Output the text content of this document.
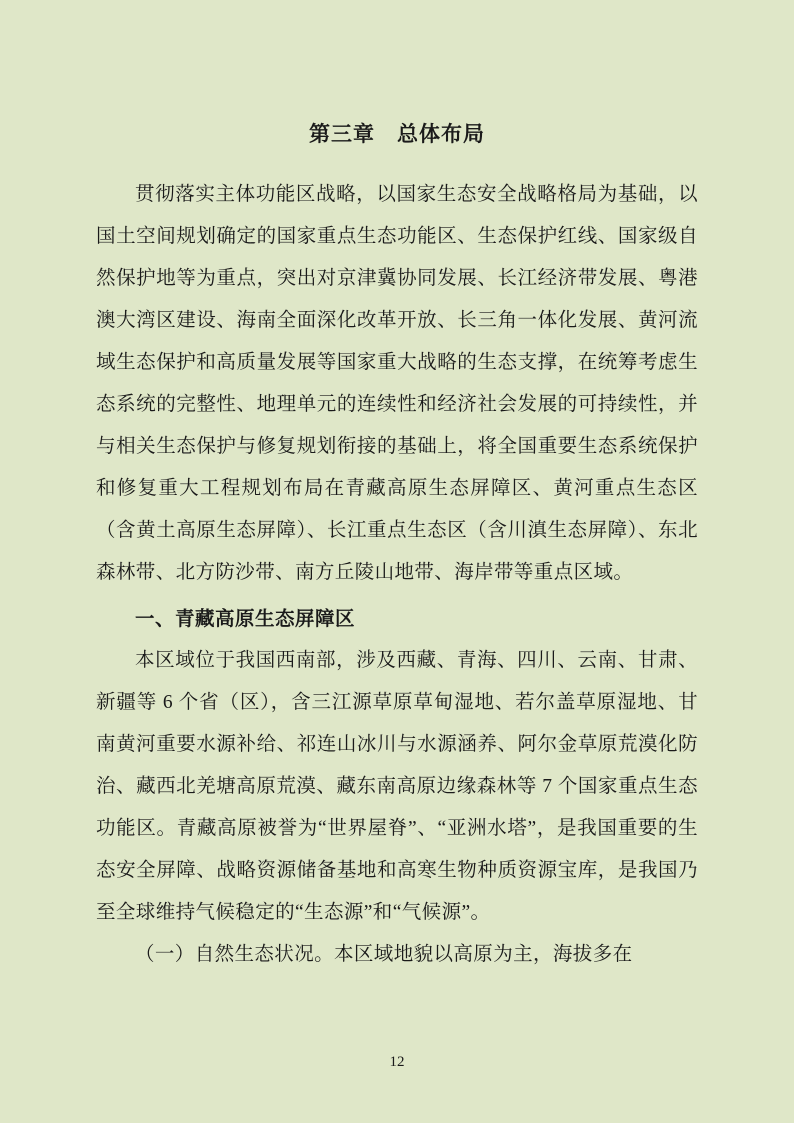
第三章 总体布局

贯彻落实主体功能区战略，以国家生态安全战略格局为基础，以国土空间规划确定的国家重点生态功能区、生态保护红线、国家级自然保护地等为重点，突出对京津冀协同发展、长江经济带发展、粤港澳大湾区建设、海南全面深化改革开放、长三角一体化发展、黄河流域生态保护和高质量发展等国家重大战略的生态支撑，在统筹考虑生态系统的完整性、地理单元的连续性和经济社会发展的可持续性，并与相关生态保护与修复规划衔接的基础上，将全国重要生态系统保护和修复重大工程规划布局在青藏高原生态屏障区、黄河重点生态区（含黄土高原生态屏障）、长江重点生态区（含川滇生态屏障）、东北森林带、北方防沙带、南方丘陵山地带、海岸带等重点区域。

一、青藏高原生态屏障区

本区域位于我国西南部，涉及西藏、青海、四川、云南、甘肃、新疆等 6 个省（区），含三江源草原草甸湿地、若尔盖草原湿地、甘南黄河重要水源补给、祁连山冰川与水源涵养、阿尔金草原荒漠化防治、藏西北羌塘高原荒漠、藏东南高原边缘森林等 7 个国家重点生态功能区。青藏高原被誉为“世界屋脊”、“亚洲水塔”，是我国重要的生态安全屏障、战略资源储备基地和高寒生物种质资源宝库，是我国乃至全球维持气候稳定的“生态源”和“气候源”。

（一）自然生态状况。本区域地貌以高原为主，海拔多在

12
